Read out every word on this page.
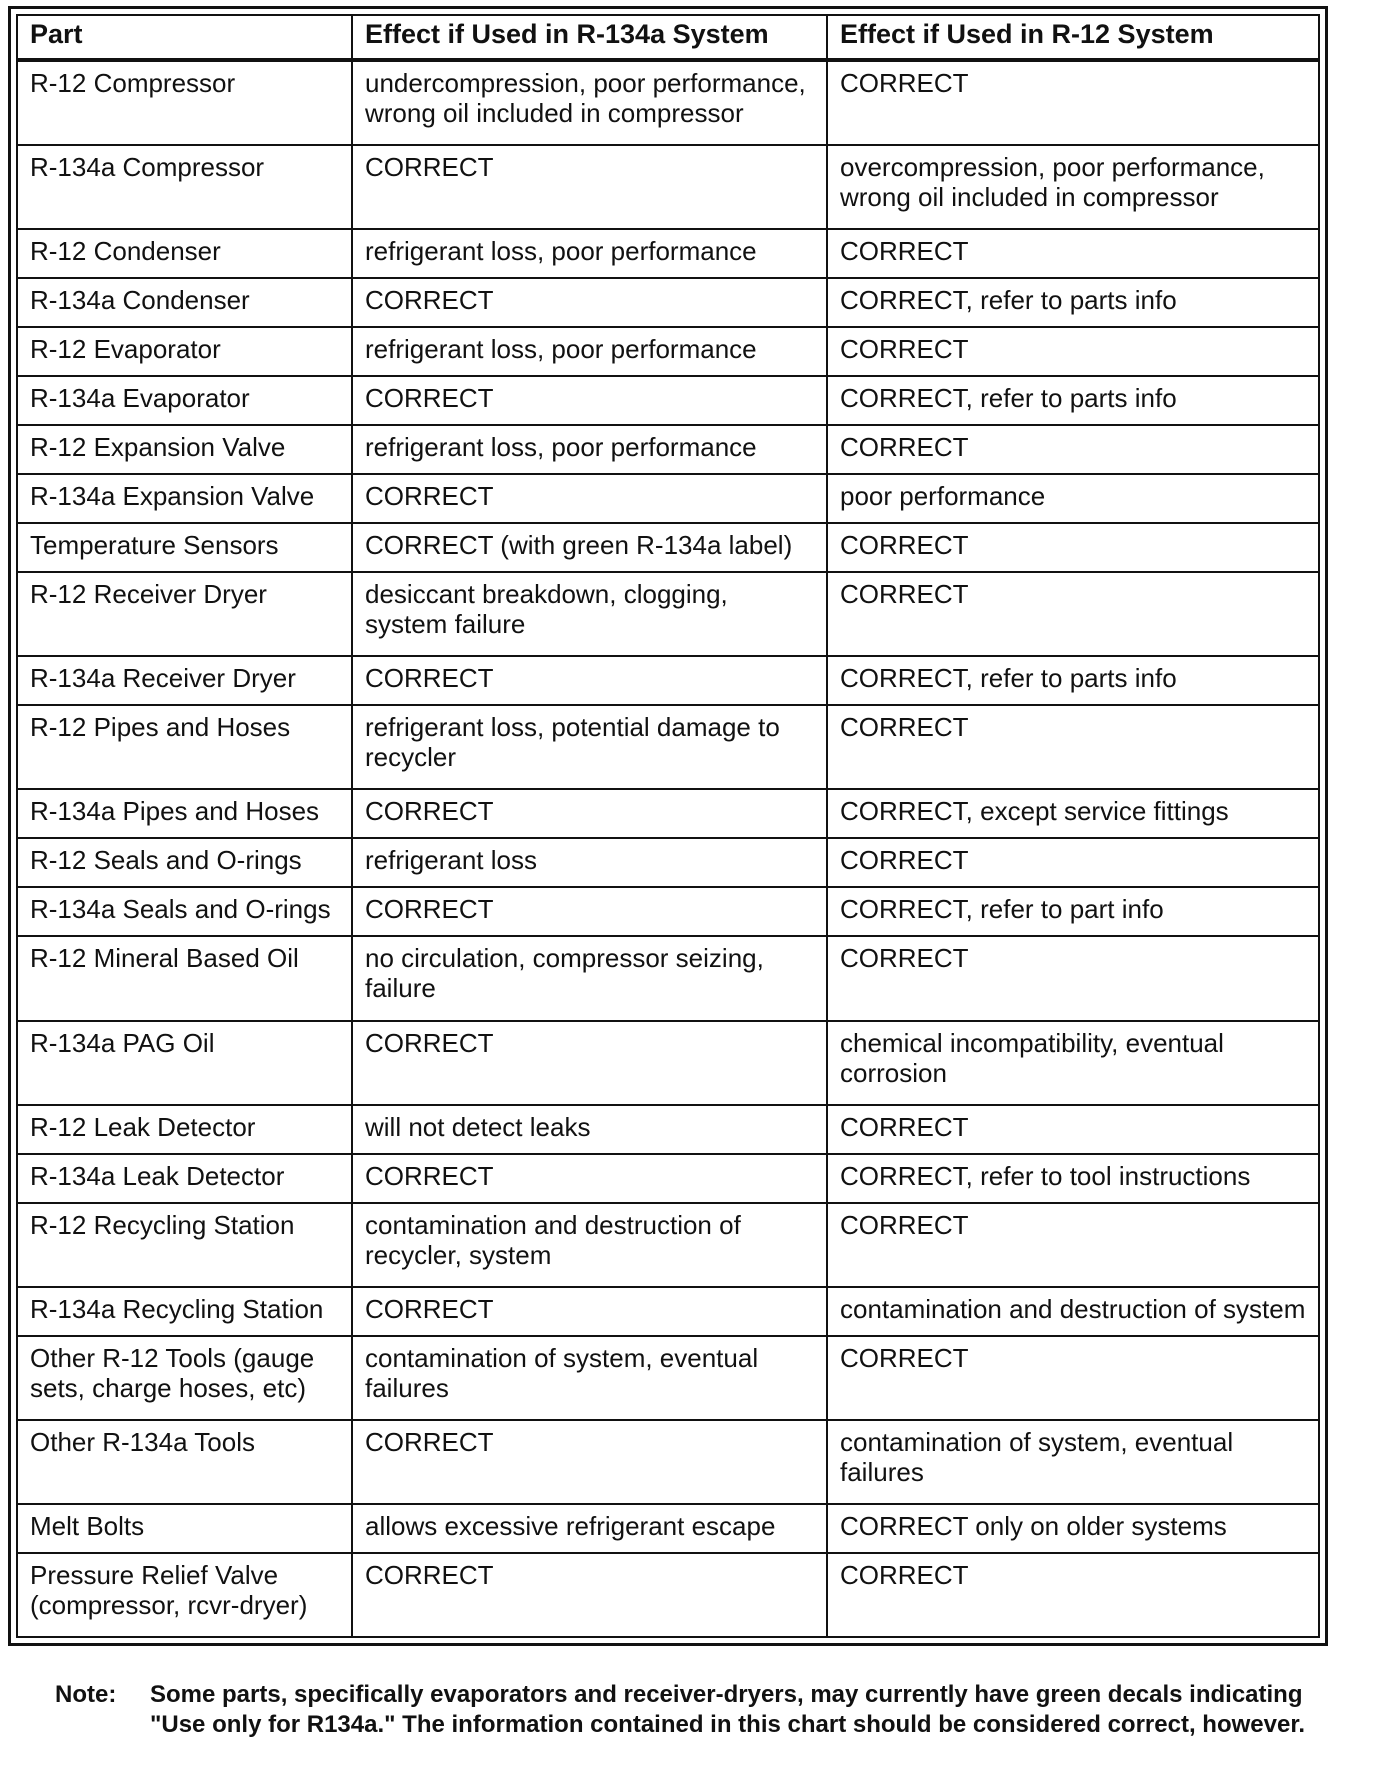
Part	Effect if Used in R-134a System	Effect if Used in R-12 System
R-12 Compressor	undercompression, poor performance, wrong oil included in compressor	CORRECT
R-134a Compressor	CORRECT	overcompression, poor performance, wrong oil included in compressor
R-12 Condenser	refrigerant loss, poor performance	CORRECT
R-134a Condenser	CORRECT	CORRECT, refer to parts info
R-12 Evaporator	refrigerant loss, poor performance	CORRECT
R-134a Evaporator	CORRECT	CORRECT, refer to parts info
R-12 Expansion Valve	refrigerant loss, poor performance	CORRECT
R-134a Expansion Valve	CORRECT	poor performance
Temperature Sensors	CORRECT (with green R-134a label)	CORRECT
R-12 Receiver Dryer	desiccant breakdown, clogging, system failure	CORRECT
R-134a Receiver Dryer	CORRECT	CORRECT, refer to parts info
R-12 Pipes and Hoses	refrigerant loss, potential damage to recycler	CORRECT
R-134a Pipes and Hoses	CORRECT	CORRECT, except service fittings
R-12 Seals and O-rings	refrigerant loss	CORRECT
R-134a Seals and O-rings	CORRECT	CORRECT, refer to part info
R-12 Mineral Based Oil	no circulation, compressor seizing, failure	CORRECT
R-134a PAG Oil	CORRECT	chemical incompatibility, eventual corrosion
R-12 Leak Detector	will not detect leaks	CORRECT
R-134a Leak Detector	CORRECT	CORRECT, refer to tool instructions
R-12 Recycling Station	contamination and destruction of recycler, system	CORRECT
R-134a Recycling Station	CORRECT	contamination and destruction of system
Other R-12 Tools (gauge sets, charge hoses, etc)	contamination of system, eventual failures	CORRECT
Other R-134a Tools	CORRECT	contamination of system, eventual failures
Melt Bolts	allows excessive refrigerant escape	CORRECT only on older systems
Pressure Relief Valve (compressor, rcvr-dryer)	CORRECT	CORRECT
Note: Some parts, specifically evaporators and receiver-dryers, may currently have green decals indicating "Use only for R134a." The information contained in this chart should be considered correct, however.
